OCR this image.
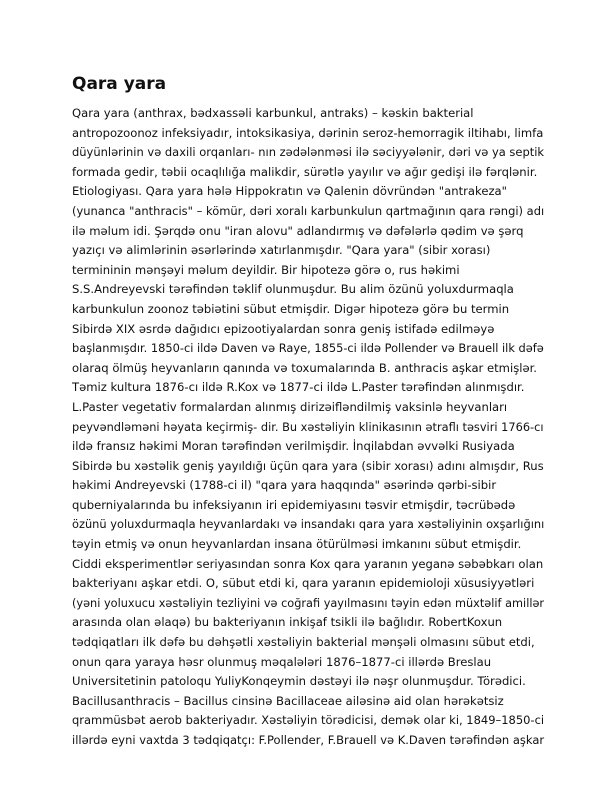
Qara yara
Qara yara (anthrax, bədxassəli karbunkul, antraks) – kəskin bakterial
antropozoonoz infeksiyadır, intoksikasiya, dərinin seroz-hemorragik iltihabı, limfa
düyünlərinin və daxili orqanları- nın zədələnməsi ilə səciyyələnir, dəri və ya septik
formada gedir, təbii ocaqlılığa malikdir, sürətlə yayılır və ağır gedişi ilə fərqlənir.
Etiologiyası. Qara yara hələ Hippokratın və Qalenin dövründən "antrakeza"
(yunanca "anthracis" – kömür, dəri xoralı karbunkulun qartmağının qara rəngi) adı
ilə məlum idi. Şərqdə onu "iran alovu" adlandırmış və dəfələrlə qədim və şərq
yazıçı və alimlərinin əsərlərində xatırlanmışdır. "Qara yara" (sibir xorası)
termininin mənşəyi məlum deyildir. Bir hipotezə görə o, rus həkimi
S.S.Andreyevski tərəfindən təklif olunmuşdur. Bu alim özünü yoluxdurmaqla
karbunkulun zoonoz təbiətini sübut etmişdir. Digər hipotezə görə bu termin
Sibirdə XIX əsrdə dağıdıcı epizootiyalardan sonra geniş istifadə edilməyə
başlanmışdır. 1850-ci ildə Daven və Raye, 1855-ci ildə Pollender və Brauell ilk dəfə
olaraq ölmüş heyvanların qanında və toxumalarında B. anthracis aşkar etmişlər.
Təmiz kultura 1876-cı ildə R.Kox və 1877-ci ildə L.Paster tərəfindən alınmışdır.
L.Paster vegetativ formalardan alınmış dirizəifləndilmiş vaksinlə heyvanları
peyvəndləməni həyata keçirmiş- dir. Bu xəstəliyin klinikasının ətraflı təsviri 1766-cı
ildə fransız həkimi Moran tərəfindən verilmişdir. İnqilabdan əvvəlki Rusiyada
Sibirdə bu xəstəlik geniş yayıldığı üçün qara yara (sibir xorası) adını almışdır, Rus
həkimi Andreyevski (1788-ci il) "qara yara haqqında" əsərində qərbi-sibir
quberniyalarında bu infeksiyanın iri epidemiyasını təsvir etmişdir, təcrübədə
özünü yoluxdurmaqla heyvanlardakı və insandakı qara yara xəstəliyinin oxşarlığını
təyin etmiş və onun heyvanlardan insana ötürülməsi imkanını sübut etmişdir.
Ciddi eksperimentlər seriyasından sonra Kox qara yaranın yeganə səbəbkarı olan
bakteriyanı aşkar etdi. O, sübut etdi ki, qara yaranın epidemioloji xüsusiyyətləri
(yəni yoluxucu xəstəliyin tezliyini və coğrafi yayılmasını təyin edən müxtəlif amillər
arasında olan əlaqə) bu bakteriyanın inkişaf tsikli ilə bağlıdır. RobertKoxun
tədqiqatları ilk dəfə bu dəhşətli xəstəliyin bakterial mənşəli olmasını sübut etdi,
onun qara yaraya həsr olunmuş məqalələri 1876–1877-ci illərdə Breslau
Universitetinin patoloqu YuliyKonqeymin dəstəyi ilə nəşr olunmuşdur. Törədici.
Bacillusanthracis – Bacillus cinsinə Bacillaceae ailəsinə aid olan hərəkətsiz
qrammüsbət aerob bakteriyadır. Xəstəliyin törədicisi, demək olar ki, 1849–1850-ci
illərdə eyni vaxtda 3 tədqiqatçı: F.Pollender, F.Brauell və K.Daven tərəfindən aşkar
